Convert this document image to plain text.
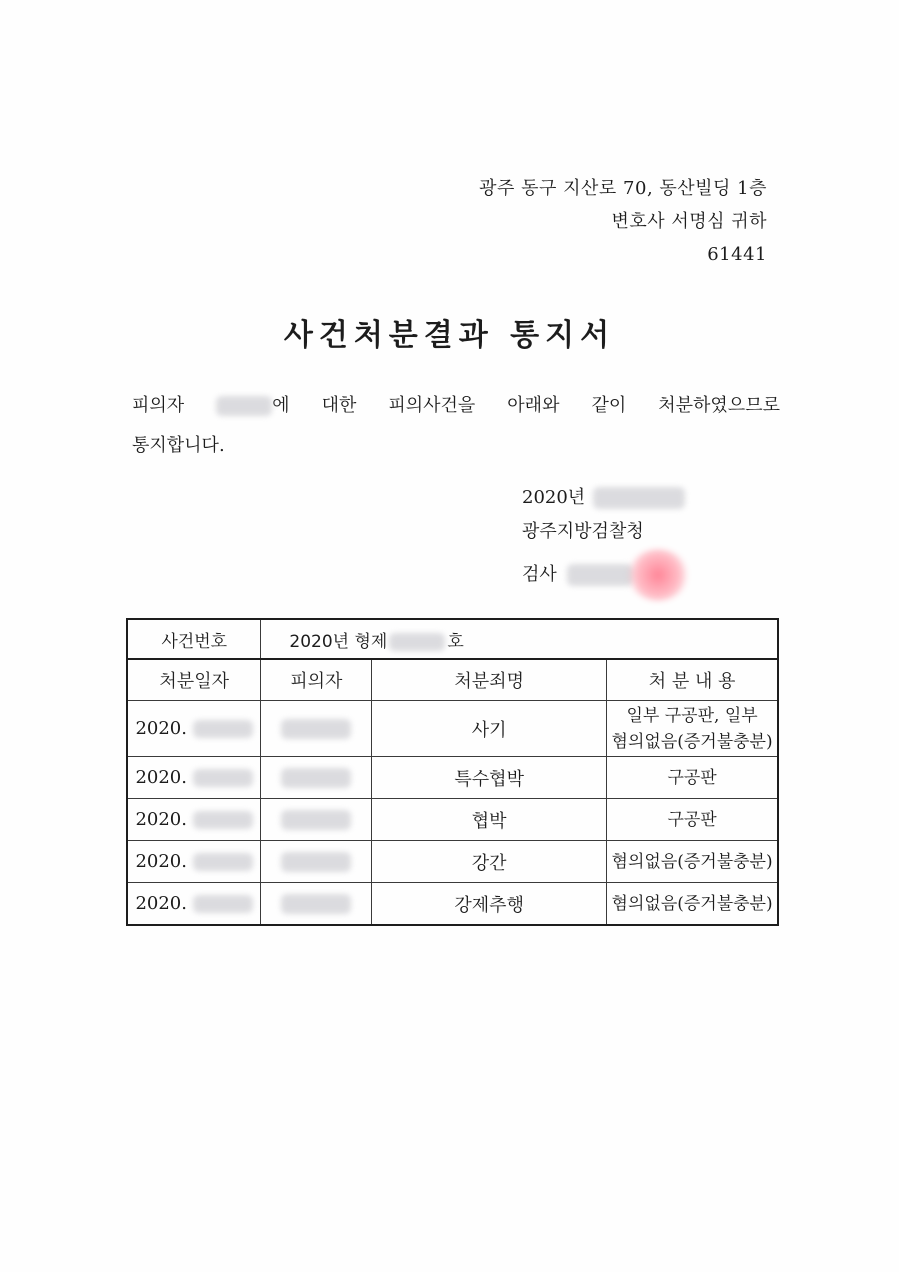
광주 동구 지산로 70, 동산빌딩 1층
변호사 서명심 귀하
61441
사건처분결과 통지서
피의자	에 대한 피의사건을 아래와 같이 처분하였으므로
통지합니다.
2020년
광주지방검찰청
검사
사건번호	2020년 형제 호		
처분일자	피의자	처분죄명	처 분 내 용
2020.		사기	일부 구공판, 일부
혐의없음(증거불충분)

2020.		특수협박	구공판
2020.		협박	구공판
2020.		강간	혐의없음(증거불충분)
2020.		강제추행	혐의없음(증거불충분)
